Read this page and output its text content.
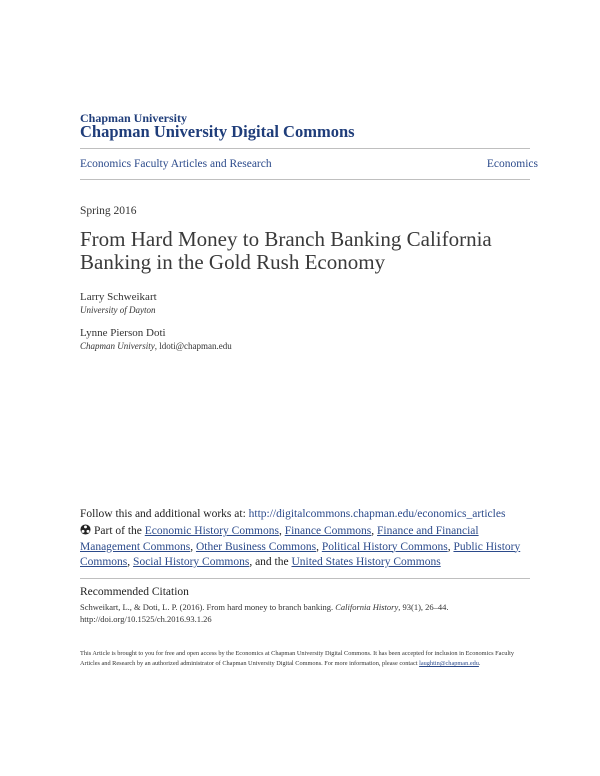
Chapman University
Chapman University Digital Commons
Economics Faculty Articles and Research	Economics
Spring 2016
From Hard Money to Branch Banking California Banking in the Gold Rush Economy
Larry Schweikart
University of Dayton
Lynne Pierson Doti
Chapman University, ldoti@chapman.edu
Follow this and additional works at: http://digitalcommons.chapman.edu/economics_articles
Part of the Economic History Commons, Finance Commons, Finance and Financial Management Commons, Other Business Commons, Political History Commons, Public History Commons, Social History Commons, and the United States History Commons
Recommended Citation
Schweikart, L., & Doti, L. P. (2016). From hard money to branch banking. California History, 93(1), 26–44. http://doi.org/10.1525/ch.2016.93.1.26
This Article is brought to you for free and open access by the Economics at Chapman University Digital Commons. It has been accepted for inclusion in Economics Faculty Articles and Research by an authorized administrator of Chapman University Digital Commons. For more information, please contact laughtin@chapman.edu.
